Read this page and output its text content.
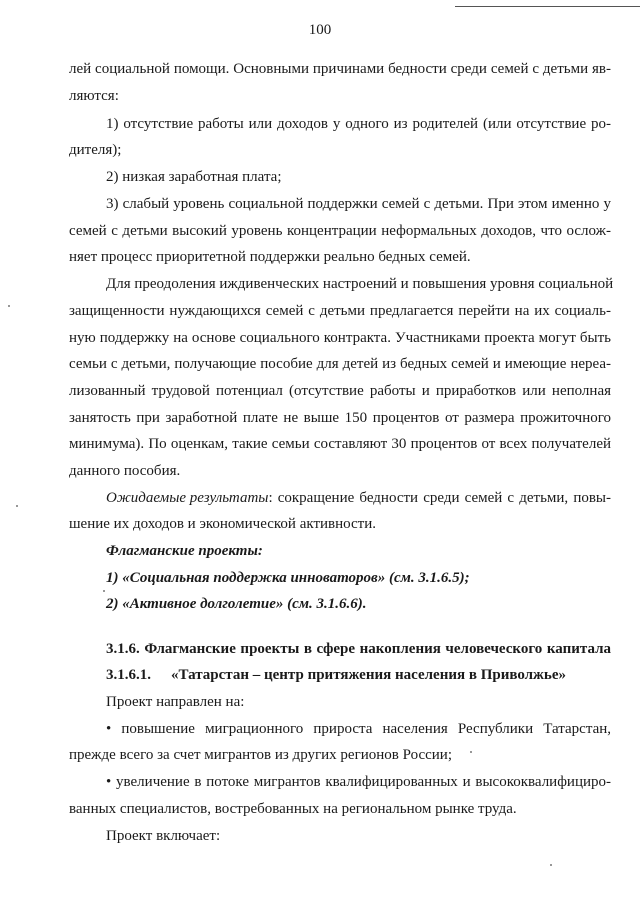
100
лей социальной помощи. Основными причинами бедности среди семей с детьми яв-
ляются:
1) отсутствие работы или доходов у одного из родителей (или отсутствие ро-
дителя);
2) низкая заработная плата;
3) слабый уровень социальной поддержки семей с детьми. При этом именно у
семей с детьми высокий уровень концентрации неформальных доходов, что ослож-
няет процесс приоритетной поддержки реально бедных семей.
Для преодоления иждивенческих настроений и повышения уровня социальной
защищенности нуждающихся семей с детьми предлагается перейти на их социаль-
ную поддержку на основе социального контракта. Участниками проекта могут быть
семьи с детьми, получающие пособие для детей из бедных семей и имеющие нереа-
лизованный трудовой потенциал (отсутствие работы и приработков или неполная
занятость при заработной плате не выше 150 процентов от размера прожиточного
минимума). По оценкам, такие семьи составляют 30 процентов от всех получателей
данного пособия.
Ожидаемые результаты : сокращение бедности среди семей с детьми, повы-
шение их доходов и экономической активности.
Флагманские проекты:
1) «Социальная поддержка инноваторов» (см. 3.1.6.5);
2) «Активное долголетие» (см. 3.1.6.6).
3.1.6. Флагманские проекты в сфере накопления человеческого капитала
3.1.6.1. «Татарстан – центр притяжения населения в Приволжье»
Проект направлен на:
• повышение миграционного прироста населения Республики Татарстан,
прежде всего за счет мигрантов из других регионов России;
• увеличение в потоке мигрантов квалифицированных и высококвалифициро-
ванных специалистов, востребованных на региональном рынке труда.
Проект включает:
